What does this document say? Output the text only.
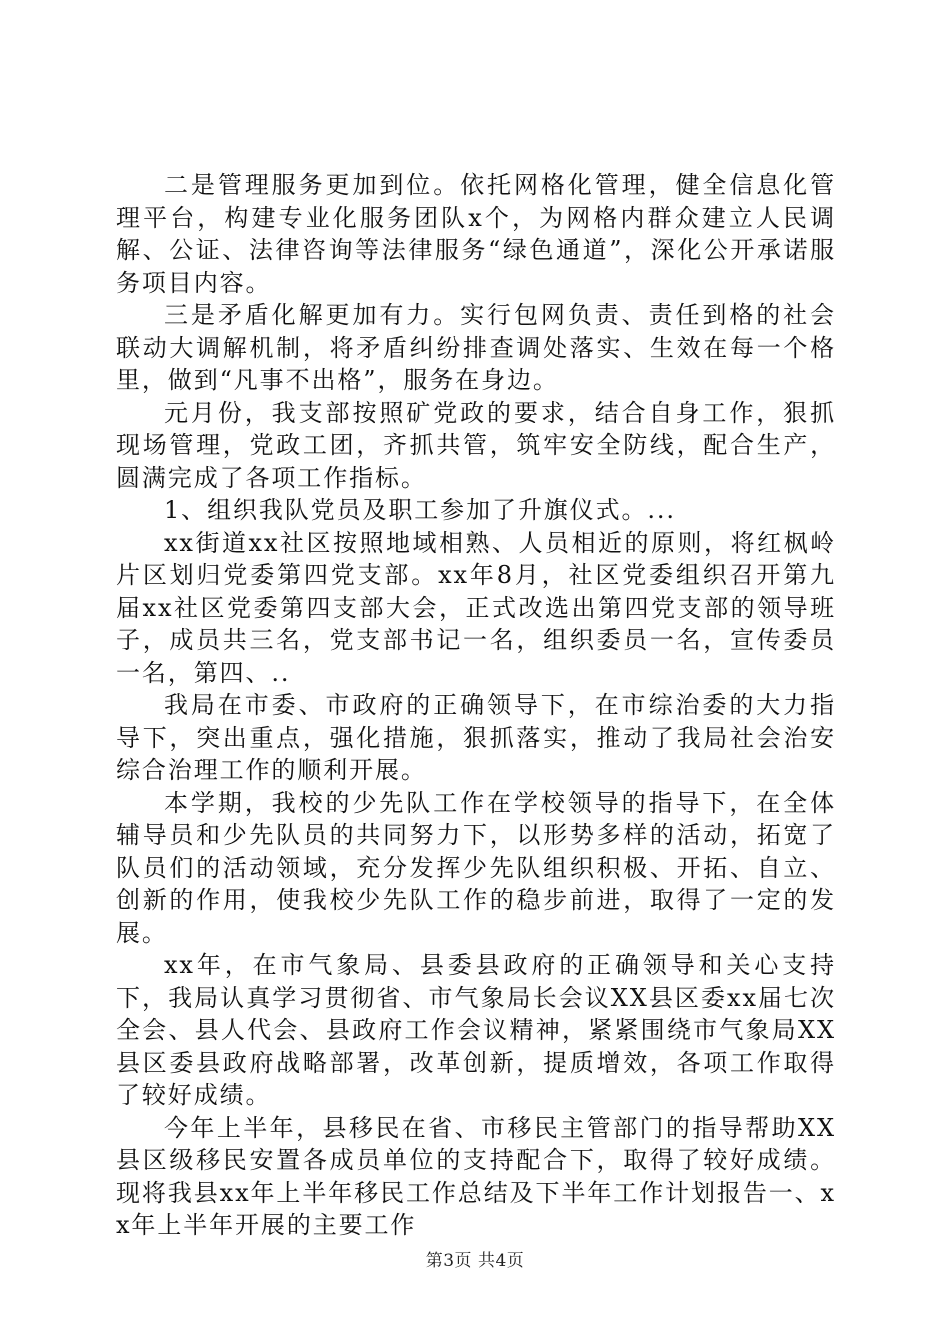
二是管理服务更加到位。依托网格化管理，健全信息化管理平台，构建专业化服务团队x个，为网格内群众建立人民调解、公证、法律咨询等法律服务“绿色通道”，深化公开承诺服务项目内容。

三是矛盾化解更加有力。实行包网负责、责任到格的社会联动大调解机制，将矛盾纠纷排查调处落实、生效在每一个格里，做到“凡事不出格”，服务在身边。

元月份，我支部按照矿党政的要求，结合自身工作，狠抓现场管理，党政工团，齐抓共管，筑牢安全防线，配合生产，圆满完成了各项工作指标。

1、组织我队党员及职工参加了升旗仪式。...

xx街道xx社区按照地域相熟、人员相近的原则，将红枫岭片区划归党委第四党支部。xx年8月，社区党委组织召开第九届xx社区党委第四支部大会，正式改选出第四党支部的领导班子，成员共三名，党支部书记一名，组织委员一名，宣传委员一名，第四、..

我局在市委、市政府的正确领导下，在市综治委的大力指导下，突出重点，强化措施，狠抓落实，推动了我局社会治安综合治理工作的顺利开展。

本学期，我校的少先队工作在学校领导的指导下，在全体辅导员和少先队员的共同努力下，以形势多样的活动，拓宽了队员们的活动领域，充分发挥少先队组织积极、开拓、自立、创新的作用，使我校少先队工作的稳步前进，取得了一定的发展。

xx年，在市气象局、县委县政府的正确领导和关心支持下，我局认真学习贯彻省、市气象局长会议XX县区委xx届七次全会、县人代会、县政府工作会议精神，紧紧围绕市气象局XX县区委县政府战略部署，改革创新，提质增效，各项工作取得了较好成绩。

今年上半年，县移民在省、市移民主管部门的指导帮助XX县区级移民安置各成员单位的支持配合下，取得了较好成绩。现将我县xx年上半年移民工作总结及下半年工作计划报告一、xx年上半年开展的主要工作

第3页 共4页
